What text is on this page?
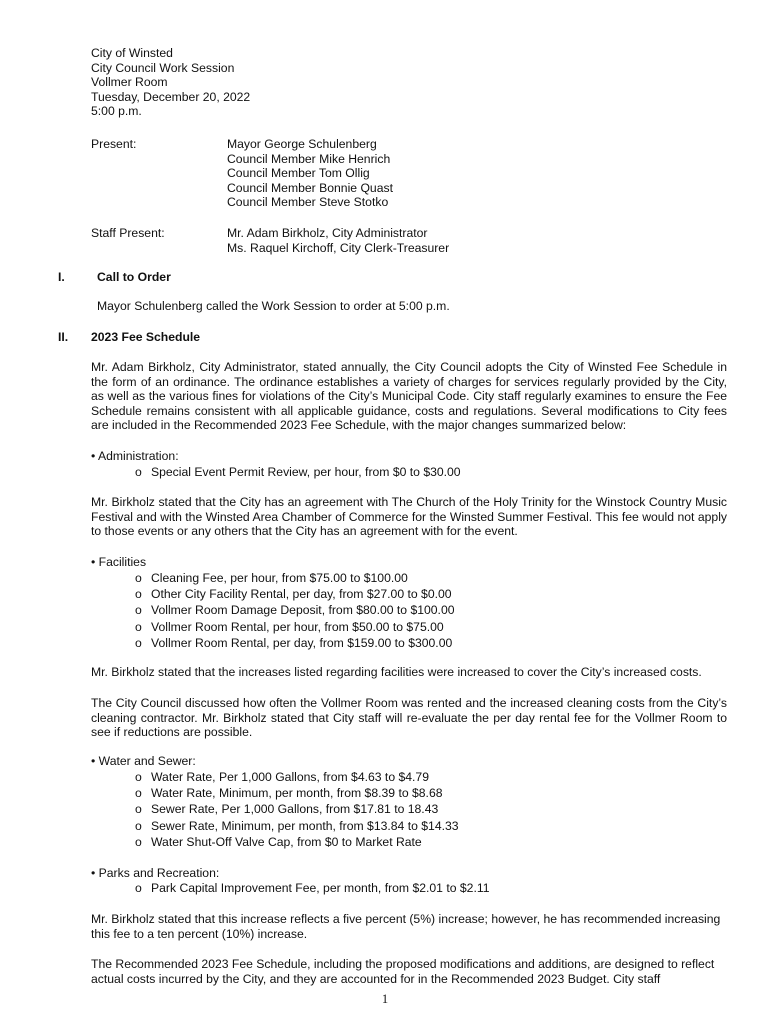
City of Winsted
City Council Work Session
Vollmer Room
Tuesday, December 20, 2022
5:00 p.m.
Present:	Mayor George Schulenberg
Council Member Mike Henrich
Council Member Tom Ollig
Council Member Bonnie Quast
Council Member Steve Stotko
Staff Present:	Mr. Adam Birkholz, City Administrator
Ms. Raquel Kirchoff, City Clerk-Treasurer
I.	Call to Order
Mayor Schulenberg called the Work Session to order at 5:00 p.m.
II. 2023 Fee Schedule
Mr. Adam Birkholz, City Administrator, stated annually, the City Council adopts the City of Winsted Fee Schedule in the form of an ordinance. The ordinance establishes a variety of charges for services regularly provided by the City, as well as the various fines for violations of the City’s Municipal Code. City staff regularly examines to ensure the Fee Schedule remains consistent with all applicable guidance, costs and regulations. Several modifications to City fees are included in the Recommended 2023 Fee Schedule, with the major changes summarized below:
• Administration:
o Special Event Permit Review, per hour, from $0 to $30.00
Mr. Birkholz stated that the City has an agreement with The Church of the Holy Trinity for the Winstock Country Music Festival and with the Winsted Area Chamber of Commerce for the Winsted Summer Festival. This fee would not apply to those events or any others that the City has an agreement with for the event.
• Facilities
o Cleaning Fee, per hour, from $75.00 to $100.00
o Other City Facility Rental, per day, from $27.00 to $0.00
o Vollmer Room Damage Deposit, from $80.00 to $100.00
o Vollmer Room Rental, per hour, from $50.00 to $75.00
o Vollmer Room Rental, per day, from $159.00 to $300.00
Mr. Birkholz stated that the increases listed regarding facilities were increased to cover the City’s increased costs.
The City Council discussed how often the Vollmer Room was rented and the increased cleaning costs from the City’s cleaning contractor. Mr. Birkholz stated that City staff will re-evaluate the per day rental fee for the Vollmer Room to see if reductions are possible.
• Water and Sewer:
o Water Rate, Per 1,000 Gallons, from $4.63 to $4.79
o Water Rate, Minimum, per month, from $8.39 to $8.68
o Sewer Rate, Per 1,000 Gallons, from $17.81 to 18.43
o Sewer Rate, Minimum, per month, from $13.84 to $14.33
o Water Shut-Off Valve Cap, from $0 to Market Rate
• Parks and Recreation:
o Park Capital Improvement Fee, per month, from $2.01 to $2.11
Mr. Birkholz stated that this increase reflects a five percent (5%) increase; however, he has recommended increasing this fee to a ten percent (10%) increase.
The Recommended 2023 Fee Schedule, including the proposed modifications and additions, are designed to reflect actual costs incurred by the City, and they are accounted for in the Recommended 2023 Budget. City staff
1
